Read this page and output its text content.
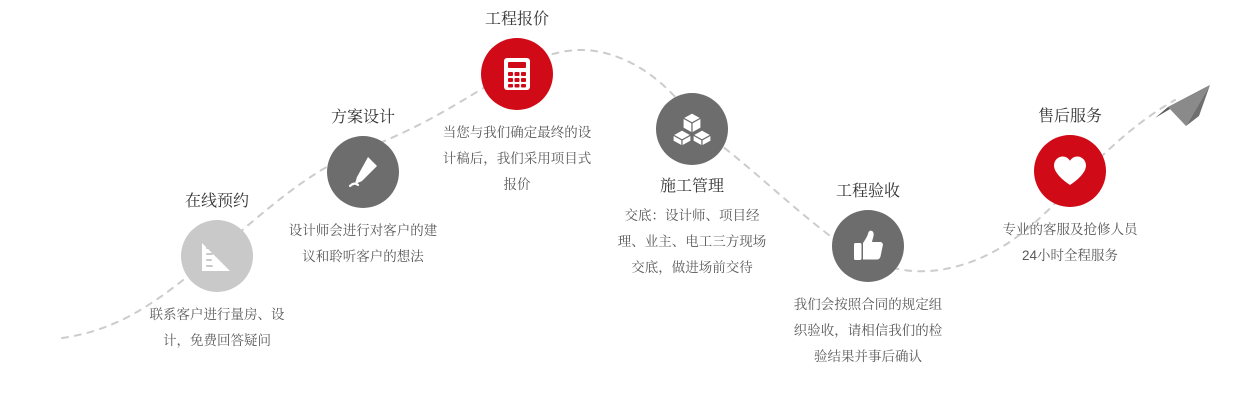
在线预约
联系客户进行量房、设计，免费回答疑问
方案设计
设计师会进行对客户的建议和聆听客户的想法
工程报价
当您与我们确定最终的设计稿后，我们采用项目式报价	施工管理
交底：设计师、项目经理、业主、电工三方现场交底，做进场前交待
工程验收
我们会按照合同的规定组织验收，请相信我们的检验结果并事后确认
售后服务
专业的客服及抢修人员24小时全程服务
